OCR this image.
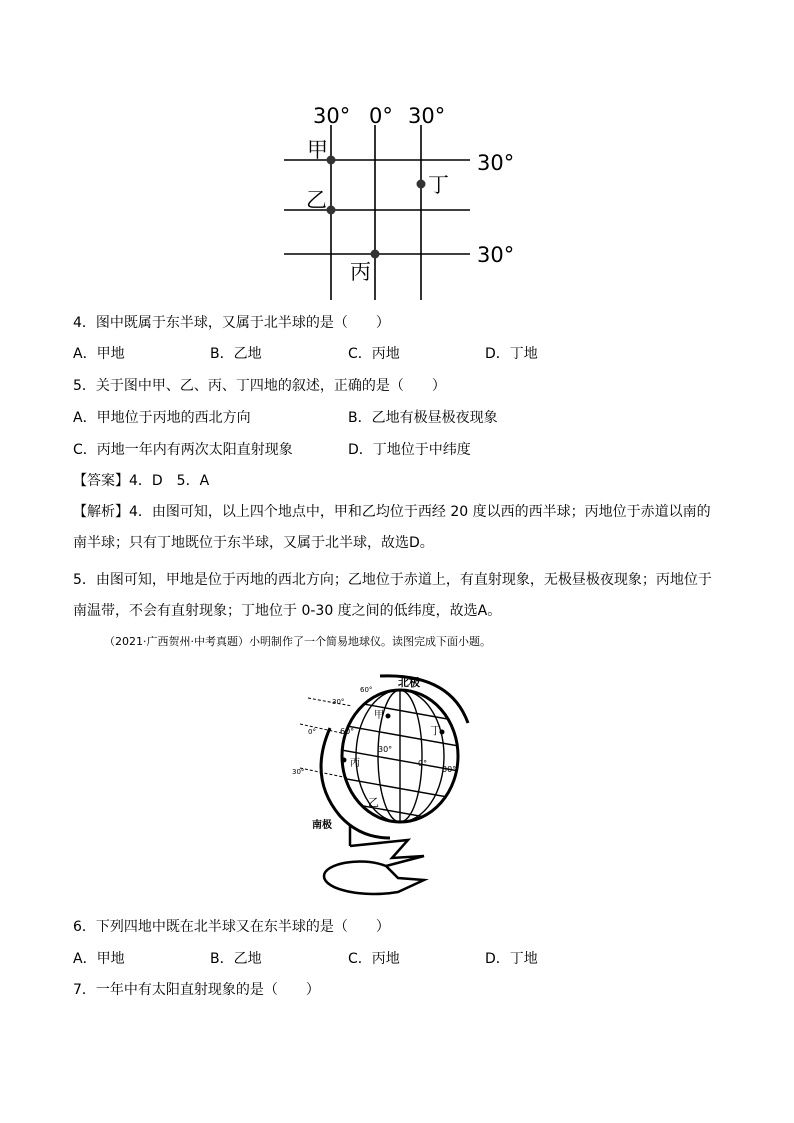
30° 0° 30°
30°
30°
甲
乙
丙
丁
4．图中既属于东半球，又属于北半球的是（　　）
A．甲地	B．乙地	C．丙地	D．丁地
5．关于图中甲、乙、丙、丁四地的叙述，正确的是（　　）
A．甲地位于丙地的西北方向	B．乙地有极昼极夜现象
C．丙地一年内有两次太阳直射现象	D．丁地位于中纬度
【答案】4．D　5．A
【解析】4．由图可知，以上四个地点中，甲和乙均位于西经 20 度以西的西半球；丙地位于赤道以南的南半球；只有丁地既位于东半球，又属于北半球，故选D。
5．由图可知，甲地是位于丙地的西北方向；乙地位于赤道上，有直射现象，无极昼极夜现象；丙地位于南温带，不会有直射现象；丁地位于 0-30 度之间的低纬度，故选A。
（2021·广西贺州·中考真题）小明制作了一个简易地球仪。读图完成下面小题。
北极
南极
60°
30°
0°
30°
60°
30°
0°
30°
甲
丁
丙
乙
6．下列四地中既在北半球又在东半球的是（　　）
A．甲地	B．乙地	C．丙地	D．丁地
7．一年中有太阳直射现象的是（　　）
